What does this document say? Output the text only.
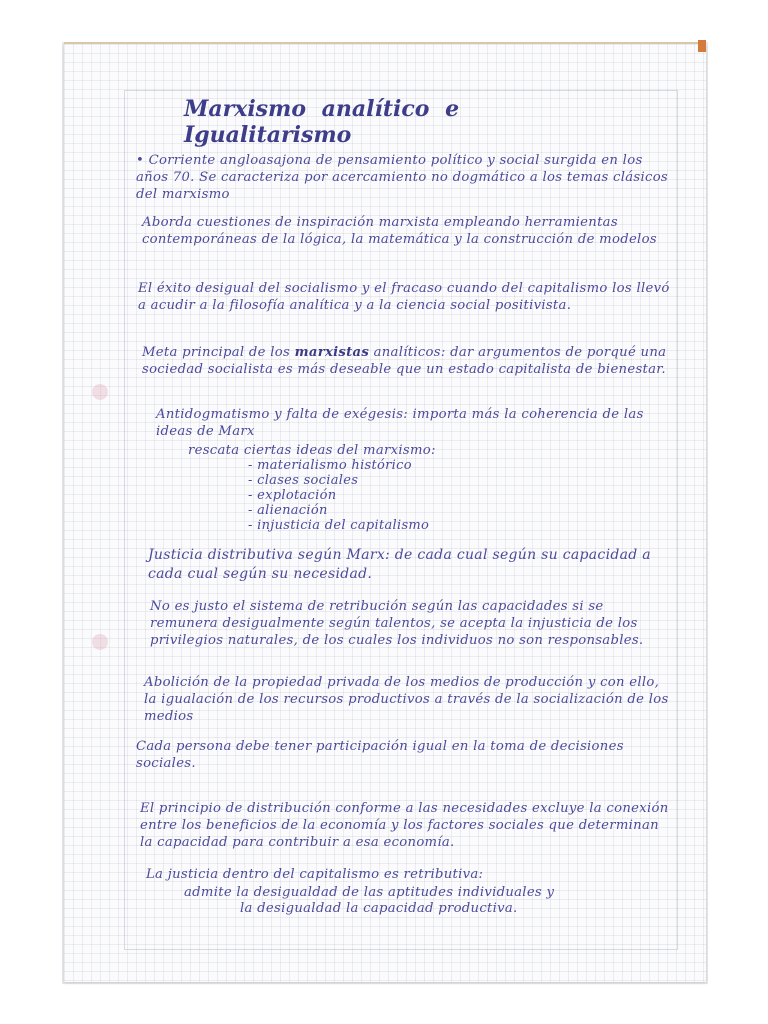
Marxismo analítico e Igualitarismo

• Corriente angloasajona de pensamiento político y social surgida en los años 70. Se caracteriza por acercamiento no dogmático a los temas clásicos del marxismo

Aborda cuestiones de inspiración marxista empleando herramientas contemporáneas de la lógica, la matemática y la construcción de modelos

El éxito desigual del socialismo y el fracaso cuando del capitalismo los llevó a acudir a la filosofía analítica y a la ciencia social positivista.

Meta principal de los marxistas analíticos: dar argumentos de porqué una sociedad socialista es más deseable que un estado capitalista de bienestar.

Antidogmatismo y falta de exégesis: importa más la coherencia de las ideas de Marx

rescata ciertas ideas del marxismo:

- materialismo histórico
- clases sociales
- explotación
- alienación
- injusticia del capitalismo

Justicia distributiva según Marx: de cada cual según su capacidad a cada cual según su necesidad.

No es justo el sistema de retribución según las capacidades si se remunera desigualmente según talentos, se acepta la injusticia de los privilegios naturales, de los cuales los individuos no son responsables.

Abolición de la propiedad privada de los medios de producción y con ello, la igualación de los recursos productivos a través de la socialización de los medios

Cada persona debe tener participación igual en la toma de decisiones sociales.

El principio de distribución conforme a las necesidades excluye la conexión entre los beneficios de la economía y los factores sociales que determinan la capacidad para contribuir a esa economía.

La justicia dentro del capitalismo es retributiva:

admite la desigualdad de las aptitudes individuales y

la desigualdad la capacidad productiva.
